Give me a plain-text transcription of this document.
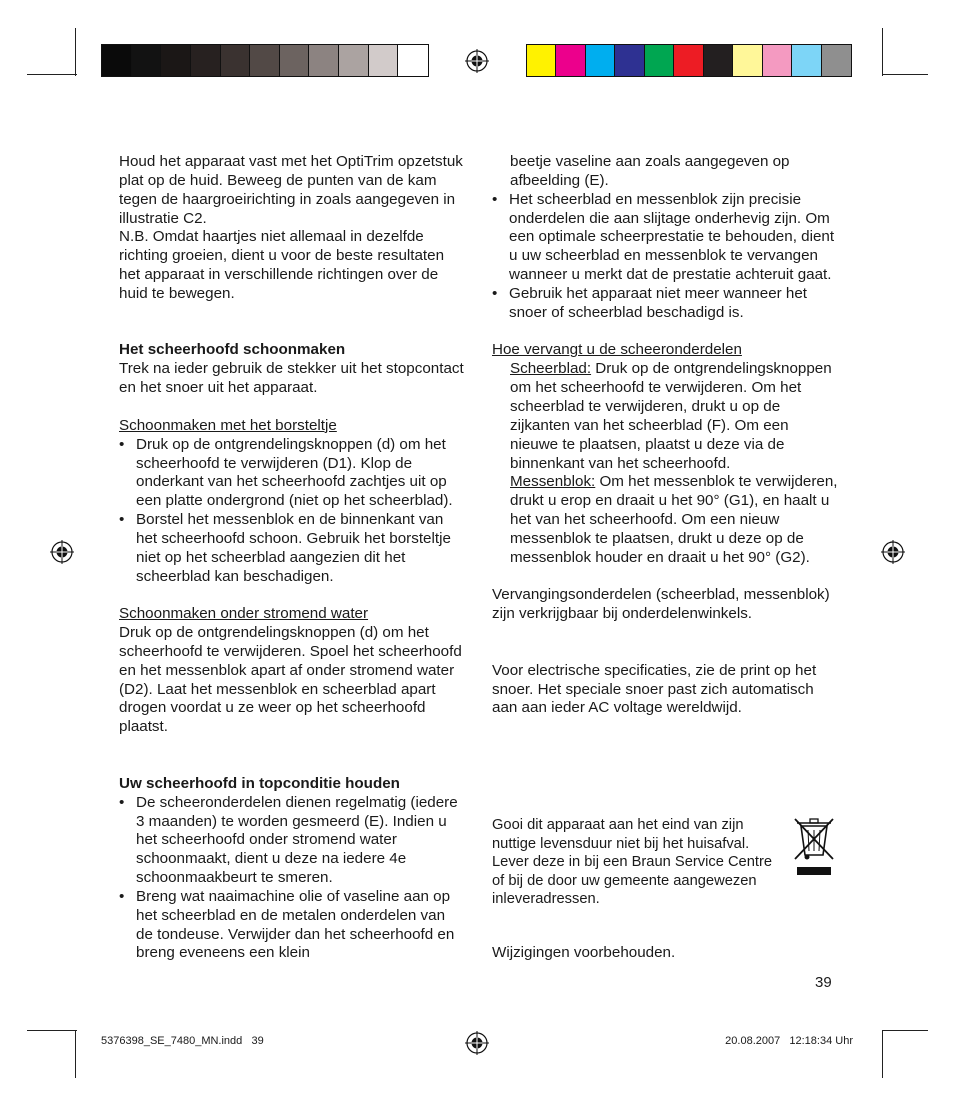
Houd het apparaat vast met het OptiTrim opzetstuk plat op de huid. Beweeg de punten van de kam tegen de haargroeirichting in zoals aangegeven in illustratie C2.

N.B. Omdat haartjes niet allemaal in dezelfde richting groeien, dient u voor de beste resultaten het apparaat in verschillende richtingen over de huid te bewegen.

Het scheerhoofd schoonmaken

Trek na ieder gebruik de stekker uit het stopcontact en het snoer uit het apparaat.

Schoonmaken met het borsteltje

• Druk op de ontgrendelingsknoppen (d) om het scheerhoofd te verwijderen (D1). Klop de onderkant van het scheerhoofd zachtjes uit op een platte ondergrond (niet op het scheerblad).
• Borstel het messenblok en de binnenkant van het scheerhoofd schoon. Gebruik het borsteltje niet op het scheerblad aangezien dit het scheerblad kan beschadigen.

Schoonmaken onder stromend water

Druk op de ontgrendelingsknoppen (d) om het scheerhoofd te verwijderen. Spoel het scheerhoofd en het messenblok apart af onder stromend water (D2). Laat het messenblok en scheerblad apart drogen voordat u ze weer op het scheerhoofd plaatst.

Uw scheerhoofd in topconditie houden

• De scheeronderdelen dienen regelmatig (iedere 3 maanden) te worden gesmeerd (E). Indien u het scheerhoofd onder stromend water schoonmaakt, dient u deze na iedere 4e schoonmaakbeurt te smeren.
• Breng wat naaimachine olie of vaseline aan op het scheerblad en de metalen onderdelen van de tondeuse. Verwijder dan het scheerhoofd en breng eveneens een klein

beetje vaseline aan zoals aangegeven op afbeelding (E).

• Het scheerblad en messenblok zijn precisie onderdelen die aan slijtage onderhevig zijn. Om een optimale scheerprestatie te behouden, dient u uw scheerblad en messenblok te vervangen wanneer u merkt dat de prestatie achteruit gaat.
• Gebruik het apparaat niet meer wanneer het snoer of scheerblad beschadigd is.

Hoe vervangt u de scheeronderdelen

Scheerblad: Druk op de ontgrendelingsknoppen om het scheerhoofd te verwijderen. Om het scheerblad te verwijderen, drukt u op de zijkanten van het scheerblad (F). Om een nieuwe te plaatsen, plaatst u deze via de binnenkant van het scheerhoofd.

Messenblok: Om het messenblok te verwijderen, drukt u erop en draait u het 90° (G1), en haalt u het van het scheerhoofd. Om een nieuw messenblok te plaatsen, drukt u deze op de messenblok houder en draait u het 90° (G2).

Vervangingsonderdelen (scheerblad, messenblok) zijn verkrijgbaar bij onderdelenwinkels.

Voor electrische specificaties, zie de print op het snoer. Het speciale snoer past zich automatisch aan aan ieder AC voltage wereldwijd.

Gooi dit apparaat aan het eind van zijn nuttige levensduur niet bij het huisafval. Lever deze in bij een Braun Service Centre of bij de door uw gemeente aangewezen inleveradressen.

Wijzigingen voorbehouden.

39
5376398_SE_7480_MN.indd   39	20.08.2007   12:18:34 Uhr
